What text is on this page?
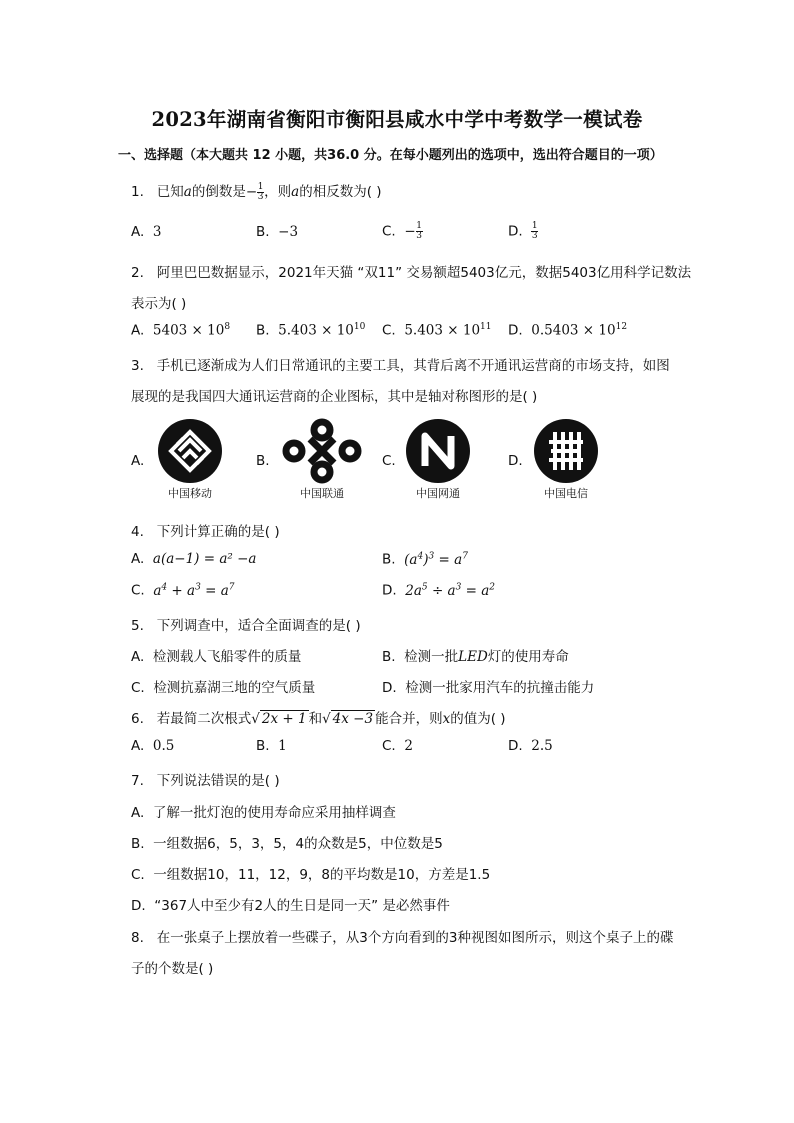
2023年湖南省衡阳市衡阳县咸水中学中考数学一模试卷
一、选择题（本大题共 12 小题，共36.0 分。在每小题列出的选项中，选出符合题目的一项）
1. 已知a的倒数是− $\frac{1}{3}$ ，则a的相反数为( )
A. 3	B. −3	C. − $\frac{1}{3}$	D. $\frac{1}{3}$
2. 阿里巴巴数据显示，2021年天猫 “双11” 交易额超5403亿元，数据5403亿用科学记数法
表示为( )
A. $5403 \times 10^8$ B. $5.403 \times 10^{10}$ C. $5.403 \times 10^{11}$ D. $0.5403 \times 10^{12}$
3. 手机已逐渐成为人们日常通讯的主要工具，其背后离不开通讯运营商的市场支持，如图
展现的是我国四大通讯运营商的企业图标，其中是轴对称图形的是( )
A.
中国移动
B.
中国联通
C.
中国网通
D.
中国电信
4. 下列计算正确的是( )
A. a(a−1) = a² −a	B. $(a^4)^3 = a^7$
C. $a^4 + a^3 = a^7$	D. $2a^5 \div a^3 = a^2$
5. 下列调查中，适合全面调查的是( )
A. 检测载人飞船零件的质量	B. 检测一批LED灯的使用寿命
C. 检测抗嘉湖三地的空气质量	D. 检测一批家用汽车的抗撞击能力
6. 若最简二次根式√ 2x + 1 和√ 4x −3 能合并，则x的值为( )
A. 0.5	B. 1	C. 2	D. 2.5
7. 下列说法错误的是( )
A. 了解一批灯泡的使用寿命应采用抽样调查
B. 一组数据6，5，3，5，4的众数是5，中位数是5
C. 一组数据10，11，12，9，8的平均数是10，方差是1.5
D. “367人中至少有2人的生日是同一天” 是必然事件
8. 在一张桌子上摆放着一些碟子，从3个方向看到的3种视图如图所示，则这个桌子上的碟
子的个数是( )
